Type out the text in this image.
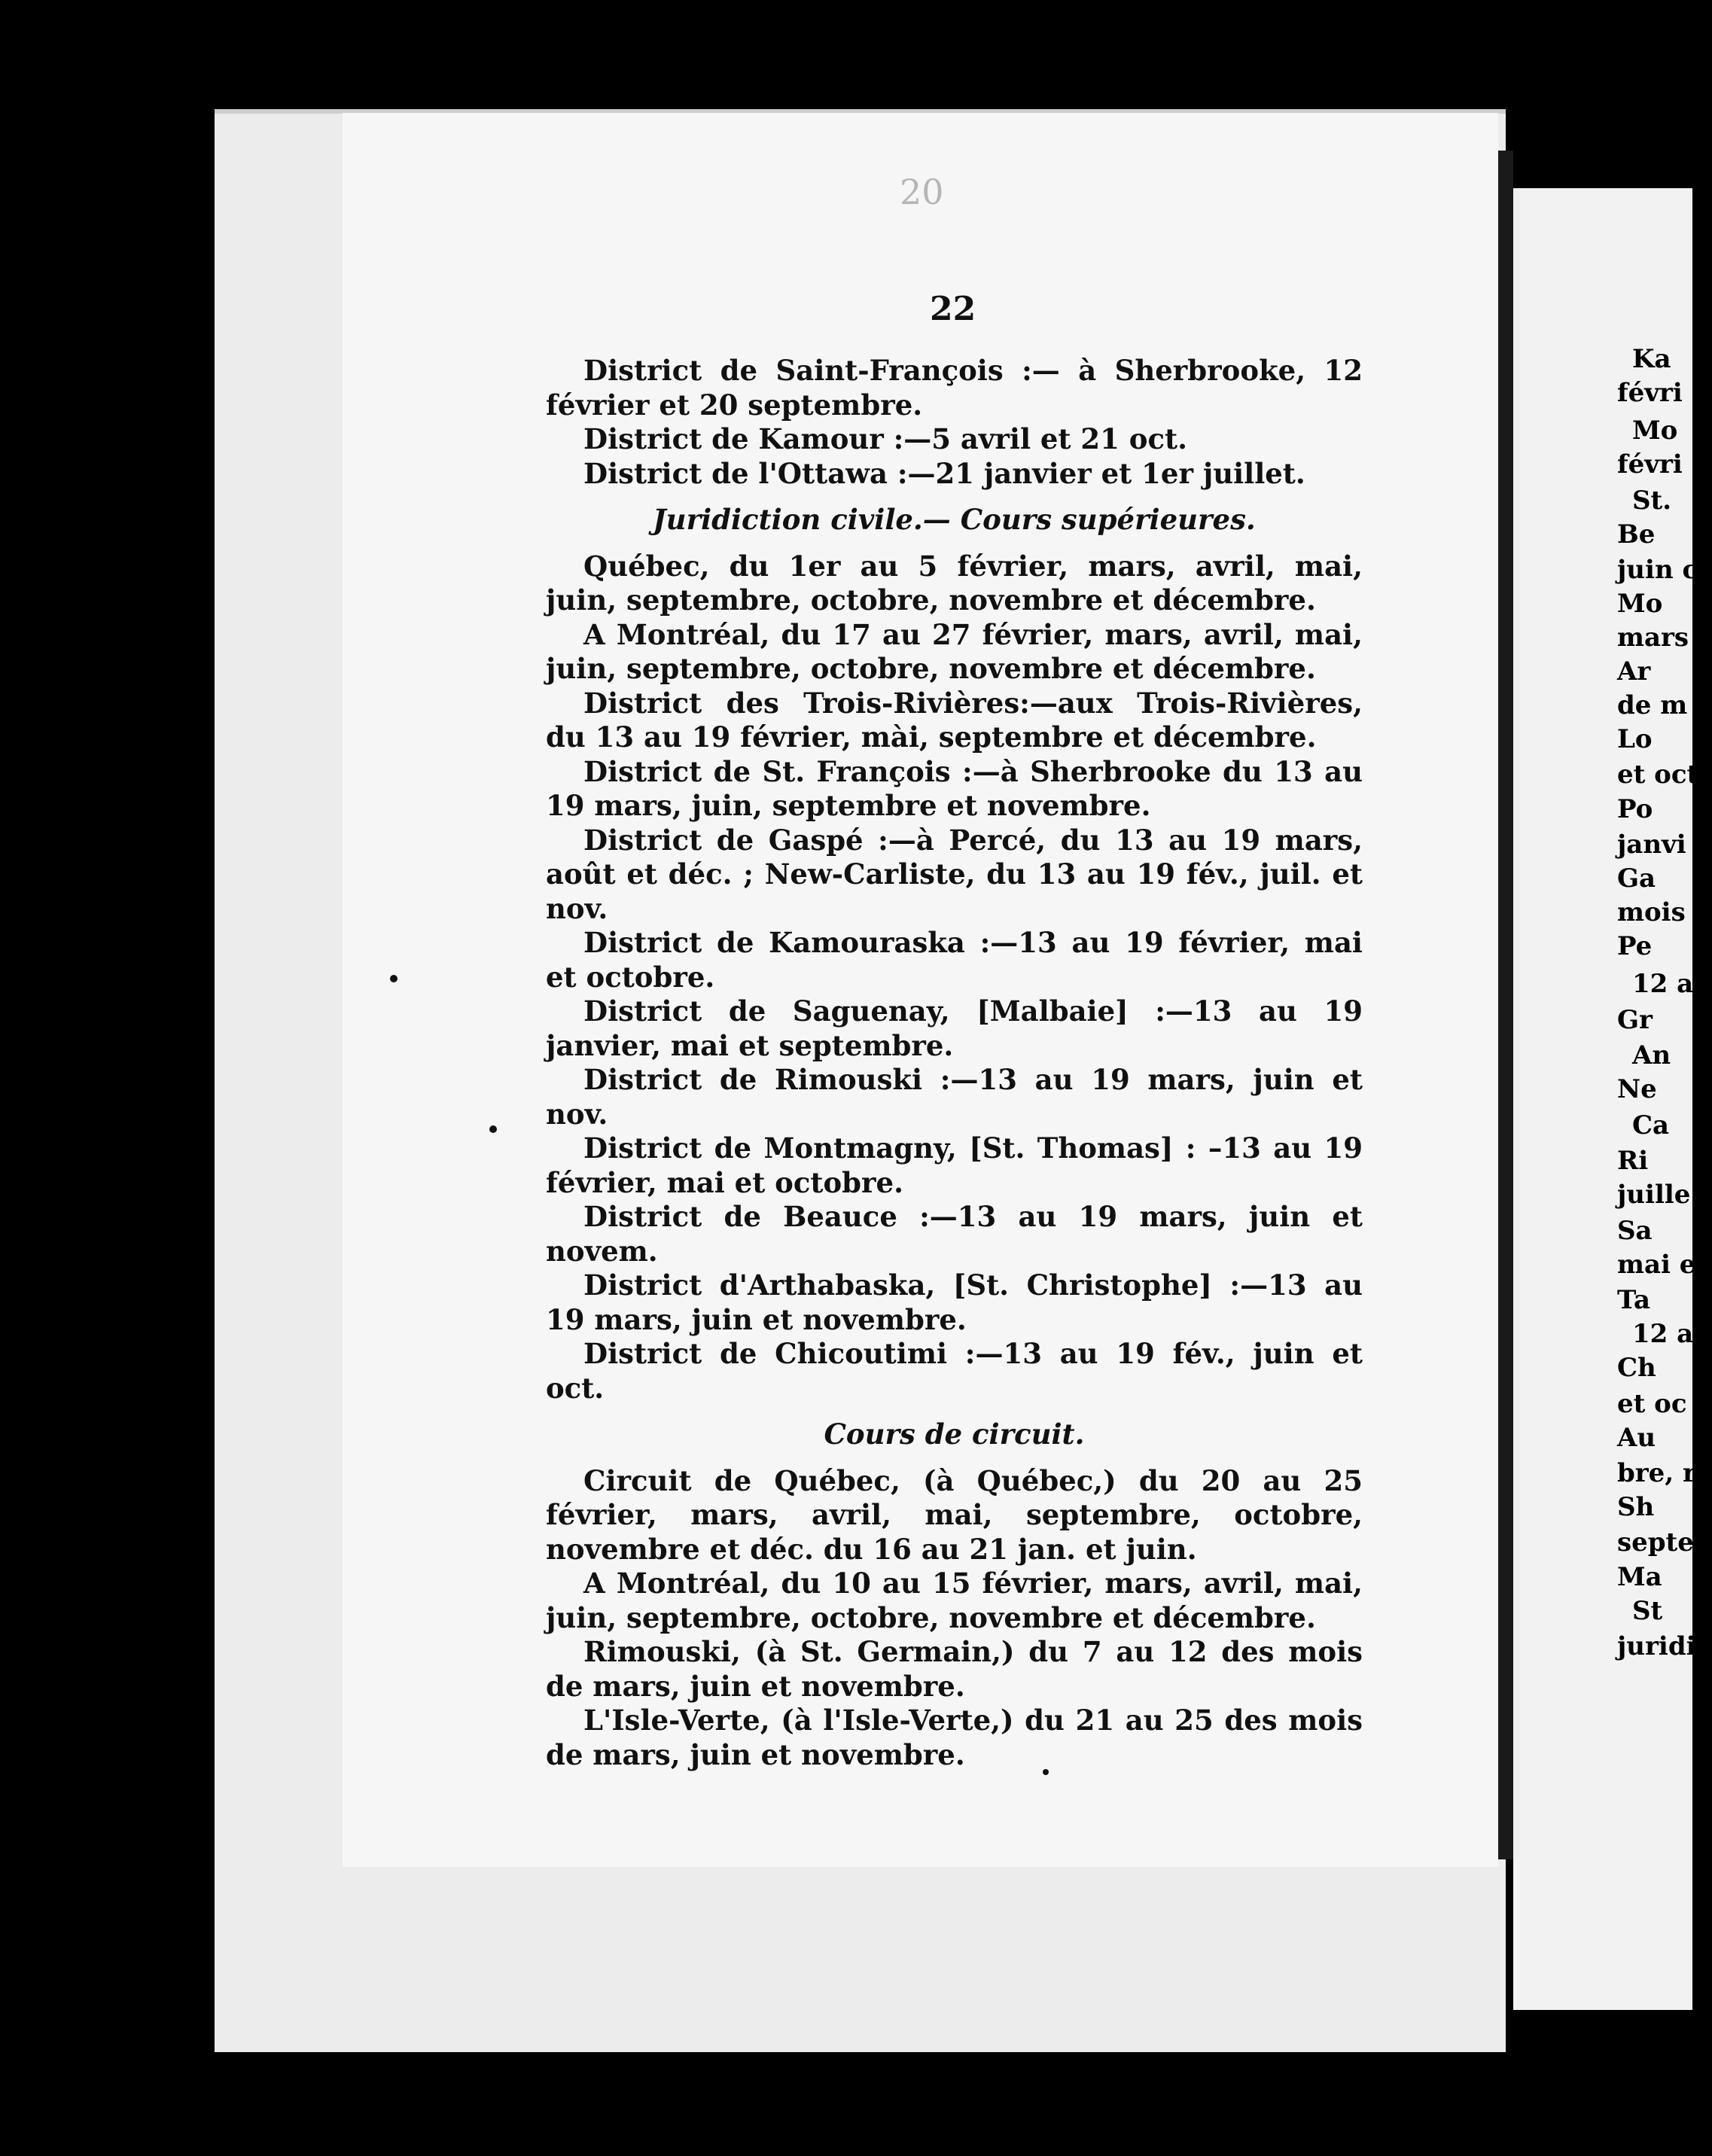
20
Ka
févri
Mo
févri
St.
Be
juin c
Mo
mars
Ar
de m
Lo
et oct
Po
janvi
Ga
mois
Pe
12 au
Gr
An
Ne
Ca
Ri
juille
Sa
mai e
Ta
12 au
Ch
et oc
Au
bre, r
Sh
septe
Ma
St
juridi
22

District de Saint-François :— à Sherbrooke, 12 février et 20 septembre.

District de Kamour :—5 avril et 21 oct.

District de l'Ottawa :—21 janvier et 1er juillet.

Juridiction civile.— Cours supérieures.

Québec, du 1er au 5 février, mars, avril, mai, juin, septembre, octobre, novembre et décembre.

A Montréal, du 17 au 27 février, mars, avril, mai, juin, septembre, octobre, novembre et décembre.

District des Trois-Rivières:—aux Trois-Rivières, du 13 au 19 février, mài, septembre et décembre.

District de St. François :—à Sherbrooke du 13 au 19 mars, juin, septembre et novembre.

District de Gaspé :—à Percé, du 13 au 19 mars, août et déc. ; New-Carliste, du 13 au 19 fév., juil. et nov.

District de Kamouraska :—13 au 19 février, mai et octobre.

District de Saguenay, [Malbaie] :—13 au 19 janvier, mai et septembre.

District de Rimouski :—13 au 19 mars, juin et nov.

District de Montmagny, [St. Thomas] : –13 au 19 février, mai et octobre.

District de Beauce :—13 au 19 mars, juin et novem.

District d'Arthabaska, [St. Christophe] :—13 au 19 mars, juin et novembre.

District de Chicoutimi :—13 au 19 fév., juin et oct.

Cours de circuit.

Circuit de Québec, (à Québec,) du 20 au 25 février, mars, avril, mai, septembre, octobre, novembre et déc. du 16 au 21 jan. et juin.

A Montréal, du 10 au 15 février, mars, avril, mai, juin, septembre, octobre, novembre et décembre.

Rimouski, (à St. Germain,) du 7 au 12 des mois de mars, juin et novembre.

L'Isle-Verte, (à l'Isle-Verte,) du 21 au 25 des mois de mars, juin et novembre.
